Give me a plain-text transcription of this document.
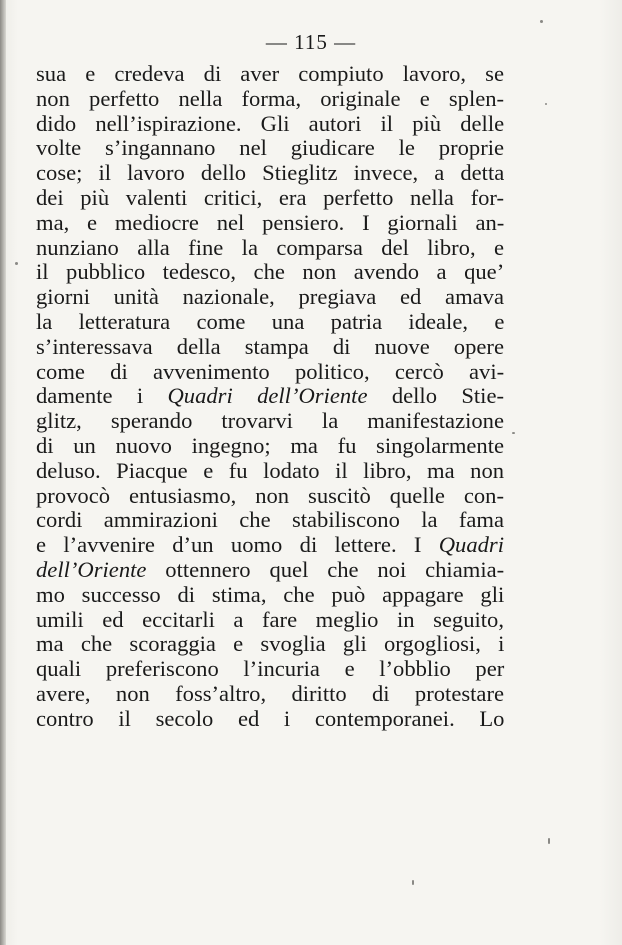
— 115 —
sua e credeva di aver compiuto lavoro, se
non perfetto nella forma, originale e splen-
dido nell’ispirazione. Gli autori il più delle
volte s’ingannano nel giudicare le proprie
cose; il lavoro dello Stieglitz invece, a detta
dei più valenti critici, era perfetto nella for-
ma, e mediocre nel pensiero. I giornali an-
nunziano alla fine la comparsa del libro, e
il pubblico tedesco, che non avendo a que’
giorni unità nazionale, pregiava ed amava
la letteratura come una patria ideale, e
s’interessava della stampa di nuove opere
come di avvenimento politico, cercò avi-
damente i Quadri dell’Oriente dello Stie-
glitz, sperando trovarvi la manifestazione
di un nuovo ingegno; ma fu singolarmente
deluso. Piacque e fu lodato il libro, ma non
provocò entusiasmo, non suscitò quelle con-
cordi ammirazioni che stabiliscono la fama
e l’avvenire d’un uomo di lettere. I Quadri
dell’Oriente ottennero quel che noi chiamia-
mo successo di stima, che può appagare gli
umili ed eccitarli a fare meglio in seguito,
ma che scoraggia e svoglia gli orgogliosi, i
quali preferiscono l’incuria e l’obblio per
avere, non foss’altro, diritto di protestare
contro il secolo ed i contemporanei. Lo
